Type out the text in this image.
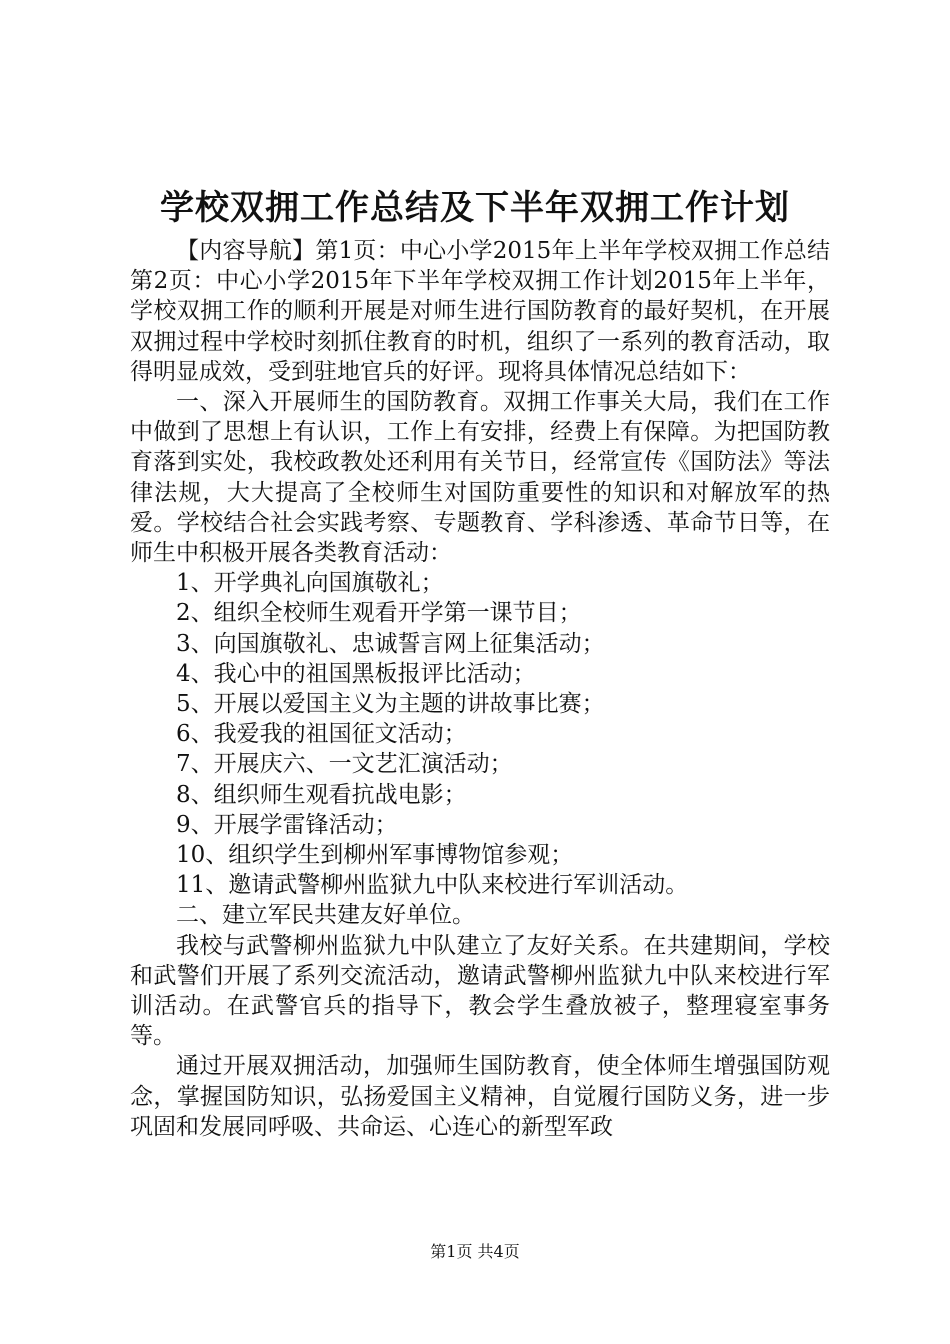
学校双拥工作总结及下半年双拥工作计划

【内容导航】第1页：中心小学2015年上半年学校双拥工作总结第2页：中心小学2015年下半年学校双拥工作计划2015年上半年，学校双拥工作的顺利开展是对师生进行国防教育的最好契机，在开展双拥过程中学校时刻抓住教育的时机，组织了一系列的教育活动，取得明显成效，受到驻地官兵的好评。现将具体情况总结如下：

一、深入开展师生的国防教育。双拥工作事关大局，我们在工作中做到了思想上有认识，工作上有安排，经费上有保障。为把国防教育落到实处，我校政教处还利用有关节日，经常宣传《国防法》等法律法规，大大提高了全校师生对国防重要性的知识和对解放军的热爱。学校结合社会实践考察、专题教育、学科渗透、革命节日等，在师生中积极开展各类教育活动：

1、开学典礼向国旗敬礼；
2、组织全校师生观看开学第一课节目；
3、向国旗敬礼、忠诚誓言网上征集活动；
4、我心中的祖国黑板报评比活动；
5、开展以爱国主义为主题的讲故事比赛；
6、我爱我的祖国征文活动；
7、开展庆六、一文艺汇演活动；
8、组织师生观看抗战电影；
9、开展学雷锋活动；
10、组织学生到柳州军事博物馆参观；
11、邀请武警柳州监狱九中队来校进行军训活动。

二、建立军民共建友好单位。

我校与武警柳州监狱九中队建立了友好关系。在共建期间，学校和武警们开展了系列交流活动，邀请武警柳州监狱九中队来校进行军训活动。在武警官兵的指导下，教会学生叠放被子，整理寝室事务等。

通过开展双拥活动，加强师生国防教育，使全体师生增强国防观念，掌握国防知识，弘扬爱国主义精神，自觉履行国防义务，进一步巩固和发展同呼吸、共命运、心连心的新型军政

第1页 共4页
